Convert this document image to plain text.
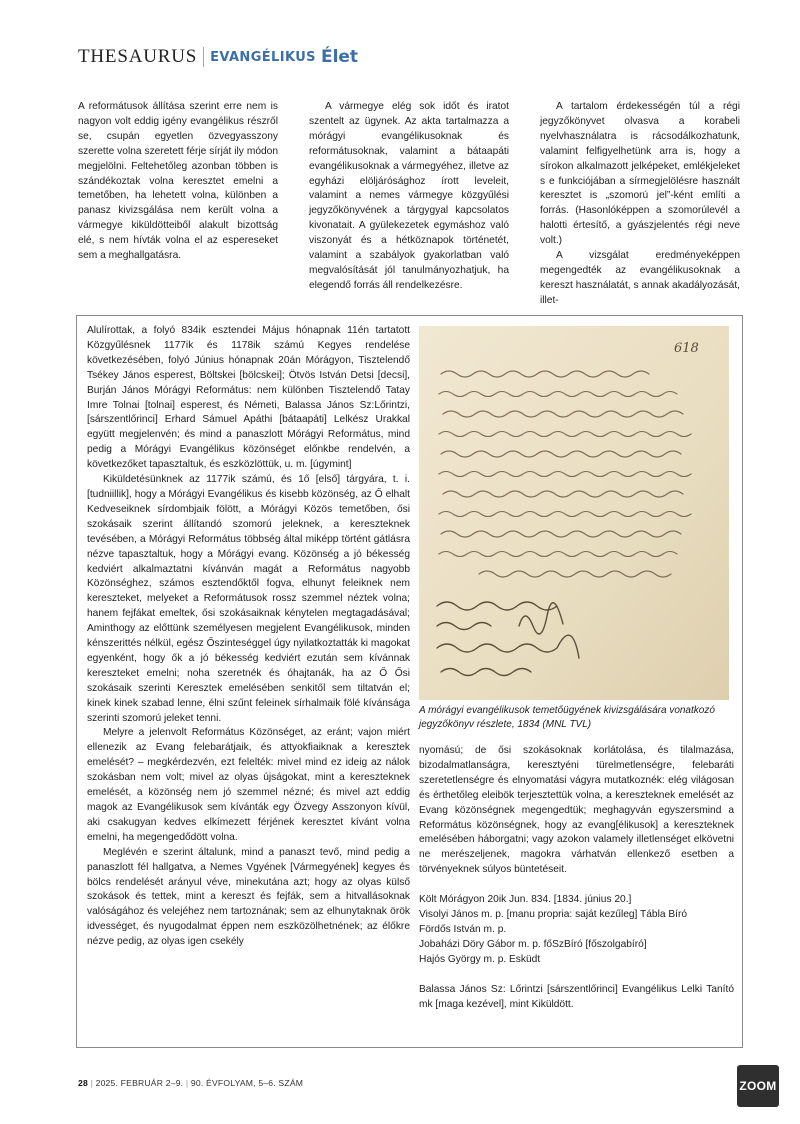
THESAURUS EVANGÉLIKUS Élet

A reformátusok állítása szerint erre nem is nagyon volt eddig igény evangélikus részről se, csupán egyetlen özvegyasszony szerette volna szeretett férje sírját ily módon megjelölni. Feltehetőleg azonban többen is szándékoztak volna keresztet emelni a temetőben, ha lehetett volna, különben a panasz kivizsgálása nem került volna a vármegye kiküldötteiből alakult bizottság elé, s nem hívták volna el az espereseket sem a meghallgatásra.

A vármegye elég sok időt és iratot szentelt az ügynek. Az akta tartalmazza a mórágyi evangélikusoknak és reformátusoknak, valamint a bátaapáti evangélikusoknak a vármegyéhez, illetve az egyházi elöljárósághoz írott leveleit, valamint a nemes vármegye közgyűlési jegyzőkönyvének a tárgygyal kapcsolatos kivonatait. A gyülekezetek egymáshoz való viszonyát és a hétköznapok történetét, valamint a szabályok gyakorlatban való megvalósítását jól tanulmányozhatjuk, ha elegendő forrás áll rendelkezésre.

A tartalom érdekességén túl a régi jegyzőkönyvet olvasva a korabeli nyelvhasználatra is rácsodálkozhatunk, valamint felfigyelhetünk arra is, hogy a sírokon alkalmazott jelképeket, emlékjeleket s e funkciójában a sírmegjelölésre használt keresztet is „szomorú jel”-ként említi a forrás. (Hasonlóképpen a szomorúlevél a halotti értesítő, a gyászjelentés régi neve volt.)

A vizsgálat eredményeképpen megengedték az evangélikusoknak a kereszt használatát, s annak akadályozását, illet-

Alulírottak, a folyó 834ik esztendei Május hónapnak 11én tartatott Közgyűlésnek 1177ik és 1178ik számú Kegyes rendelése következésében, folyó Június hónapnak 20án Mórágyon, Tisztelendő Tsékey János esperest, Böltskei [bölcskei]; Ötvös István Detsi [decsi], Burján János Mórágyi Református: nem különben Tisztelendő Tatay Imre Tolnai [tolnai] esperest, és Németi, Balassa János Sz:Lőrintzi, [sárszentlőrinci] Erhard Sámuel Apáthi [bátaapáti] Lelkész Urakkal együtt megjelenvén; és mind a panaszlott Mórágyi Református, mind pedig a Mórágyi Evangélikus közönséget előnkbe rendelvén, a következőket tapasztaltuk, és eszközlöttük, u. m. [úgymint]

Kiküldetésünknek az 1177ik számú, és 1ő [első] tárgyára, t. i. [tudniillik], hogy a Mórágyi Evangélikus és kisebb közönség, az Ő elhalt Kedveseiknek sírdombjaik fölött, a Mórágyi Közös temetőben, ősi szokásaik szerint állítandó szomorú jeleknek, a kereszteknek tevésében, a Mórágyi Református többség által miképp történt gátlásra nézve tapasztaltuk, hogy a Mórágyi evang. Közönség a jó békesség kedviért alkalmaztatni kívánván magát a Református nagyobb Közönséghez, számos esztendőktől fogva, elhunyt feleiknek nem kereszteket, melyeket a Reformátusok rossz szemmel néztek volna; hanem fejfákat emeltek, ősi szokásaiknak kénytelen megtagadásával; Aminthogy az előttünk személyesen megjelent Evangélikusok, minden kénszerittés nélkül, egész Őszinteséggel úgy nyilatkoztatták ki magokat egyenként, hogy ők a jó békesség kedviért ezután sem kívánnak kereszteket emelni; noha szeretnék és óhajtanák, ha az Ő Ősi szokásaik szerinti Keresztek emelésében senkitől sem tiltatván el; kinek kinek szabad lenne, élni szűnt feleinek sírhalmaik fölé kívánsága szerinti szomorú jeleket tenni.

Melyre a jelenvolt Református Közönséget, az eránt; vajon miért ellenezik az Evang felebarátjaik, és attyokfiaiknak a keresztek emelését? – megkérdezvén, ezt felelték: mivel mind ez ideig az nálok szokásban nem volt; mivel az olyas újságokat, mint a kereszteknek emelését, a közönség nem jó szemmel nézné; és mivel azt eddig magok az Evangélikusok sem kívánták egy Özvegy Asszonyon kívül, aki csakugyan kedves elkímezett férjének keresztet kívánt volna emelni, ha megengedődött volna.

Meglévén e szerint általunk, mind a panaszt tevő, mind pedig a panaszlott fél hallgatva, a Nemes Vgyének [Vármegyének] kegyes és bölcs rendelését arányul véve, minekutána azt; hogy az olyas külső szokások és tettek, mint a kereszt és fejfák, sem a hitvallásoknak valóságához és velejéhez nem tartoznának; sem az elhunytaknak örök idvességet, és nyugodalmat éppen nem eszközölhetnének; az élőkre nézve pedig, az olyas igen csekély

618
A mórágyi evangélikusok temetőügyének kivizsgálására vonatkozó jegyzőkönyv részlete, 1834 (MNL TVL)

nyomású; de ősi szokásoknak korlátolása, és tilalmazása, bizodalmatlanságra, keresztyéni türelmetlenségre, felebaráti szeretetlenségre és elnyomatási vágyra mutatkoznék: elég világosan és érthetőleg eleibök terjesztettük volna, a kereszteknek emelését az Evang közönségnek megengedtük; meghagyván egyszersmind a Református közönségnek, hogy az evang[élikusok] a kereszteknek emelésében háborgatni; vagy azokon valamely illetlenséget elkövetni ne merészeljenek, magokra várhatván ellenkező esetben a törvényeknek súlyos büntetéseit.

Költ Mórágyon 20ik Jun. 834. [1834. június 20.]

Visolyi János m. p. [manu propria: saját kezűleg] Tábla Bíró

Fördős István m. p.

Jobaházi Döry Gábor m. p. főSzBíró [főszolgabíró]

Hajós György m. p. Esküdt

Balassa János Sz: Lőrintzi [sárszentlőrinci] Evangélikus Lelki Tanító mk [maga kezével], mint Kiküldött.

28 | 2025. FEBRUÁR 2–9. | 90. ÉVFOLYAM, 5–6. SZÁM	ZOOM
